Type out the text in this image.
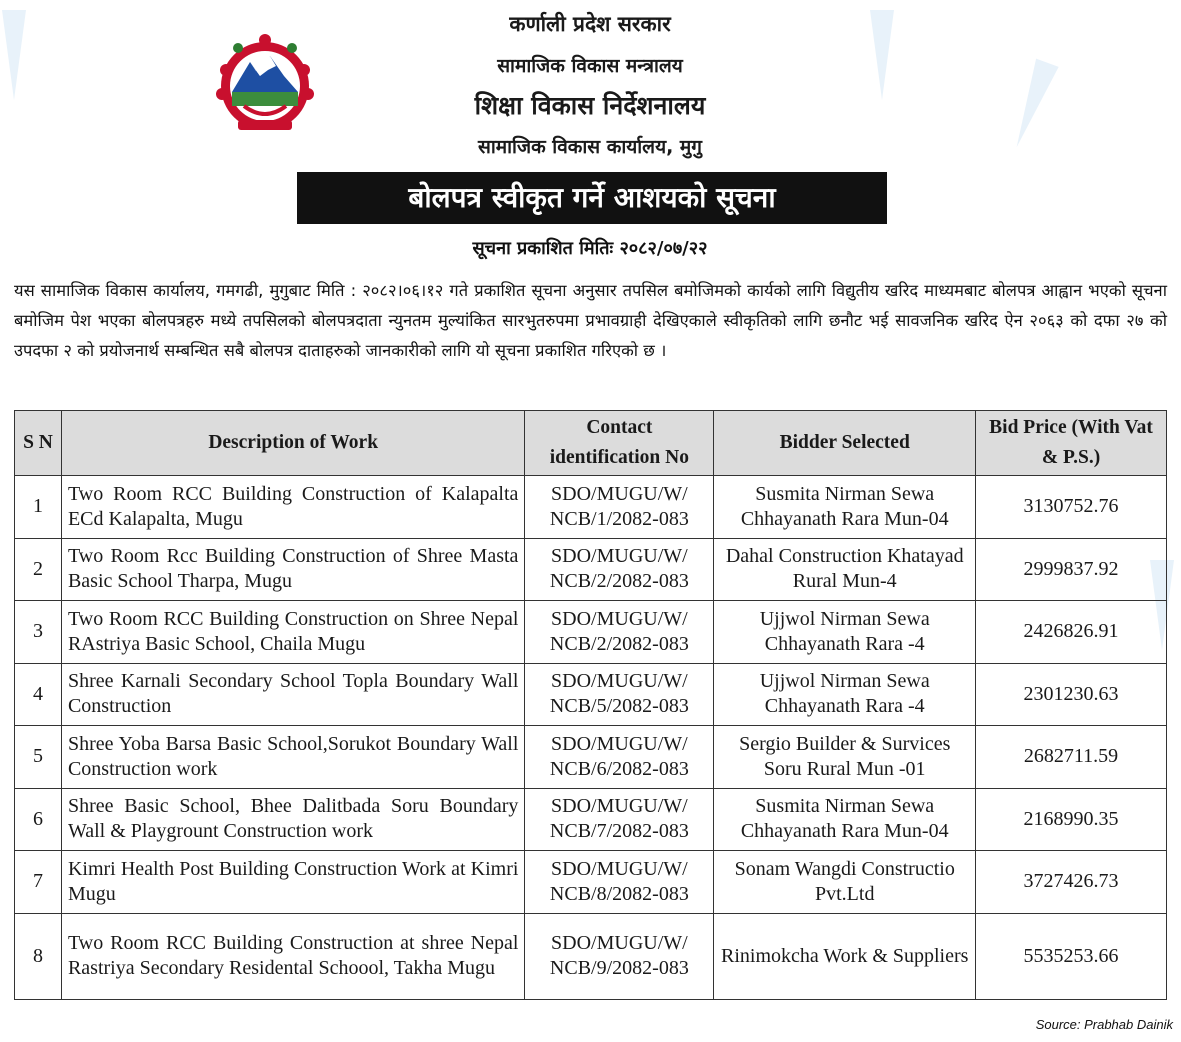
कर्णाली प्रदेश सरकार
सामाजिक विकास मन्त्रालय
शिक्षा विकास निर्देशनालय
सामाजिक विकास कार्यालय, मुगु
बोलपत्र स्वीकृत गर्ने आशयको सूचना
सूचना प्रकाशित मितिः २०८२/०७/२२
यस सामाजिक विकास कार्यालय, गमगढी, मुगुबाट मिति : २०८२।०६।१२ गते प्रकाशित सूचना अनुसार तपसिल बमोजिमको कार्यको लागि विद्युतीय खरिद माध्यमबाट बोलपत्र आह्वान भएको सूचना बमोजिम पेश भएका बोलपत्रहरु मध्ये तपसिलको बोलपत्रदाता न्युनतम मुल्यांकित सारभुतरुपमा प्रभावग्राही देखिएकाले स्वीकृतिको लागि छनौट भई सावजनिक खरिद ऐन २०६३ को दफा २७ को उपदफा २ को प्रयोजनार्थ सम्बन्धित सबै बोलपत्र दाताहरुको जानकारीको लागि यो सूचना प्रकाशित गरिएको छ ।
S N	Description of Work	Contact identification No	Bidder Selected	Bid Price (With Vat & P.S.)
1	Two Room RCC Building Construction of Kalapalta ECd Kalapalta, Mugu	SDO/MUGU/W/ NCB/1/2082-083	Susmita Nirman Sewa Chhayanath Rara Mun-04	3130752.76
2	Two Room Rcc Building Construction of Shree Masta Basic School Tharpa, Mugu	SDO/MUGU/W/ NCB/2/2082-083	Dahal Construction Khatayad Rural Mun-4	2999837.92
3	Two Room RCC Building Construction on Shree Nepal RAstriya Basic School, Chaila Mugu	SDO/MUGU/W/ NCB/2/2082-083	Ujjwol Nirman Sewa Chhayanath Rara -4	2426826.91
4	Shree Karnali Secondary School Topla Boundary Wall Construction	SDO/MUGU/W/ NCB/5/2082-083	Ujjwol Nirman Sewa Chhayanath Rara -4	2301230.63
5	Shree Yoba Barsa Basic School,Sorukot Boundary Wall Construction work	SDO/MUGU/W/ NCB/6/2082-083	Sergio Builder & Survices Soru Rural Mun -01	2682711.59
6	Shree Basic School, Bhee Dalitbada Soru Boundary Wall & Playgrount Construction work	SDO/MUGU/W/ NCB/7/2082-083	Susmita Nirman Sewa Chhayanath Rara Mun-04	2168990.35
7	Kimri Health Post Building Construction Work at Kimri Mugu	SDO/MUGU/W/ NCB/8/2082-083	Sonam Wangdi Constructio Pvt.Ltd	3727426.73
8	Two Room RCC Building Construction at shree Nepal Rastriya Secondary Residental Schoool, Takha Mugu	SDO/MUGU/W/ NCB/9/2082-083	Rinimokcha Work & Suppliers	5535253.66
Source: Prabhab Dainik
